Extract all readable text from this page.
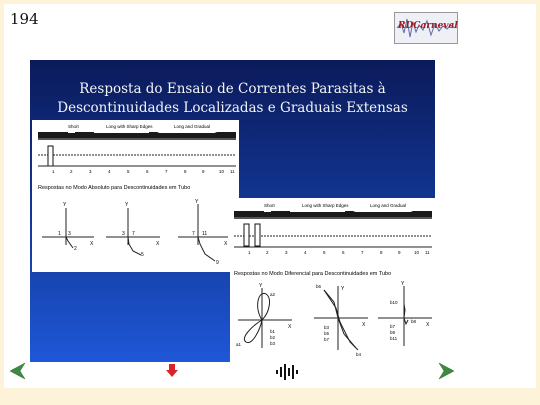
194	RDCarneval
Resposta do Ensaio de Correntes Parasitas à
Descontinuidades Localizadas e Graduais Extensas
Short	Long with Sharp Edges	Long and Gradual
1	2	3	4	5	6	7	8	9	10 11
Respostas no Modo Absoluto para Descontinuidades em Tubo
Y
X
1 3
2
Y
X
3 7
5
Y
X
7 11
9
Short	Long with Sharp Edges	Long and Gradual
1	2	3	4	5	6	7	8	9	10 11
Respostas no Modo Diferencial para Descontinuidades em Tubo
Y
X
a2
b1
b2
b3
a1
Y
X
b6
b3
b5
b7
b4
Y
X
b10
b7
b9
b11
b8
